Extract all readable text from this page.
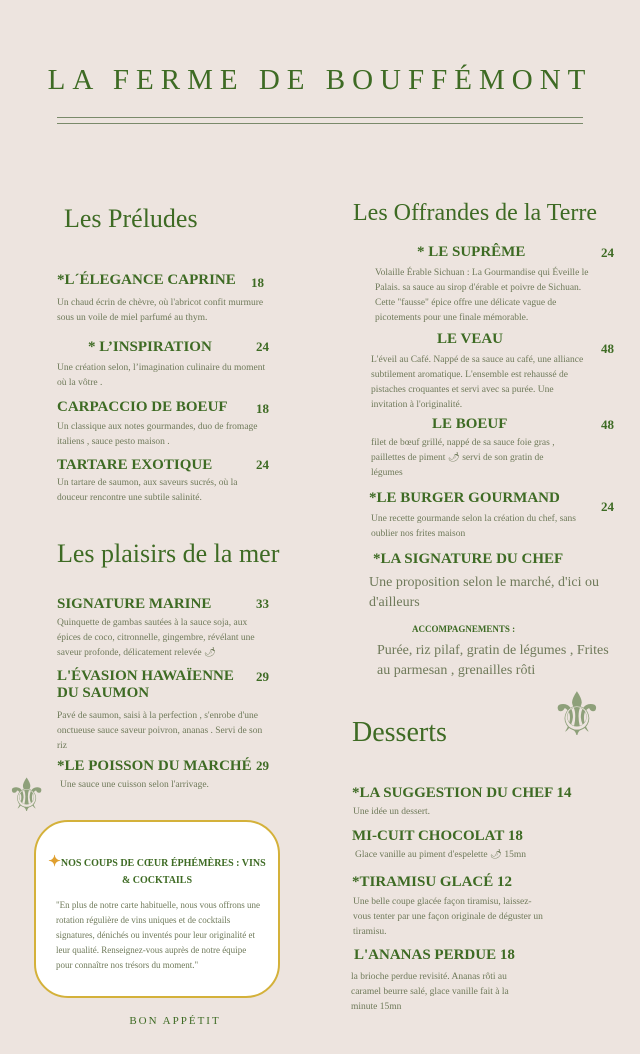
LA FERME DE BOUFFÉMONT
Les Préludes
*L´ÉLEGANCE CAPRINE 18
Un chaud écrin de chèvre, où l'abricot confit murmure sous un voile de miel parfumé au thym.
* L’INSPIRATION	24
Une création selon, l’imagination culinaire du moment où la vôtre .
CARPACCIO DE BOEUF 18
Un classique aux notes gourmandes, duo de fromage italiens , sauce pesto maison .
TARTARE EXOTIQUE	24
Un tartare de saumon, aux saveurs sucrés, où la douceur rencontre une subtile salinité.
Les plaisirs de la mer
SIGNATURE MARINE	33
Quinquette de gambas sautées à la sauce soja, aux épices de coco, citronnelle, gingembre, révélant une saveur profonde, délicatement relevée 🌶
L'ÉVASION HAWAÏENNE DU SAUMON
29
Pavé de saumon, saisi à la perfection , s'enrobe d'une onctueuse sauce saveur poivron, ananas . Servi de son riz
*LE POISSON DU MARCHÉ 29
Une sauce une cuisson selon l'arrivage.
⚜
✦NOS COUPS DE CŒUR ÉPHÉMÈRES : VINS & COCKTAILS
"En plus de notre carte habituelle, nous vous offrons une rotation régulière de vins uniques et de cocktails signatures, dénichés ou inventés pour leur originalité et leur qualité. Renseignez-vous auprès de notre équipe pour connaître nos trésors du moment."
BON APPÉTIT
Les Offrandes de la Terre
* LE SUPRÊME	24
Volaille Érable Sichuan : La Gourmandise qui Éveille le Palais. sa sauce au sirop d'érable et poivre de Sichuan. Cette "fausse" épice offre une délicate vague de picotements pour une finale mémorable.
LE VEAU
48
L'éveil au Café. Nappé de sa sauce au café, une alliance subtilement aromatique. L'ensemble est rehaussé de pistaches croquantes et servi avec sa purée. Une invitation à l'originalité.
LE BOEUF	48
filet de bœuf grillé, nappé de sa sauce foie gras , paillettes de piment 🌶 servi de son gratin de légumes
*LE BURGER GOURMAND
24
Une recette gourmande selon la création du chef, sans oublier nos frites maison
*LA SIGNATURE DU CHEF
Une proposition selon le marché, d'ici ou d'ailleurs
ACCOMPAGNEMENTS :
Purée, riz pilaf, gratin de légumes , Frites au parmesan , grenailles rôti
Desserts ⚜
*LA SUGGESTION DU CHEF 14
Une idée un dessert.
MI-CUIT CHOCOLAT 18
Glace vanille au piment d'espelette 🌶 15mn
*TIRAMISU GLACÉ 12
Une belle coupe glacée façon tiramisu, laissez-vous tenter par une façon originale de déguster un tiramisu.
L'ANANAS PERDUE 18
la brioche perdue revisité. Ananas rôti au caramel beurre salé, glace vanille fait à la minute 15mn
